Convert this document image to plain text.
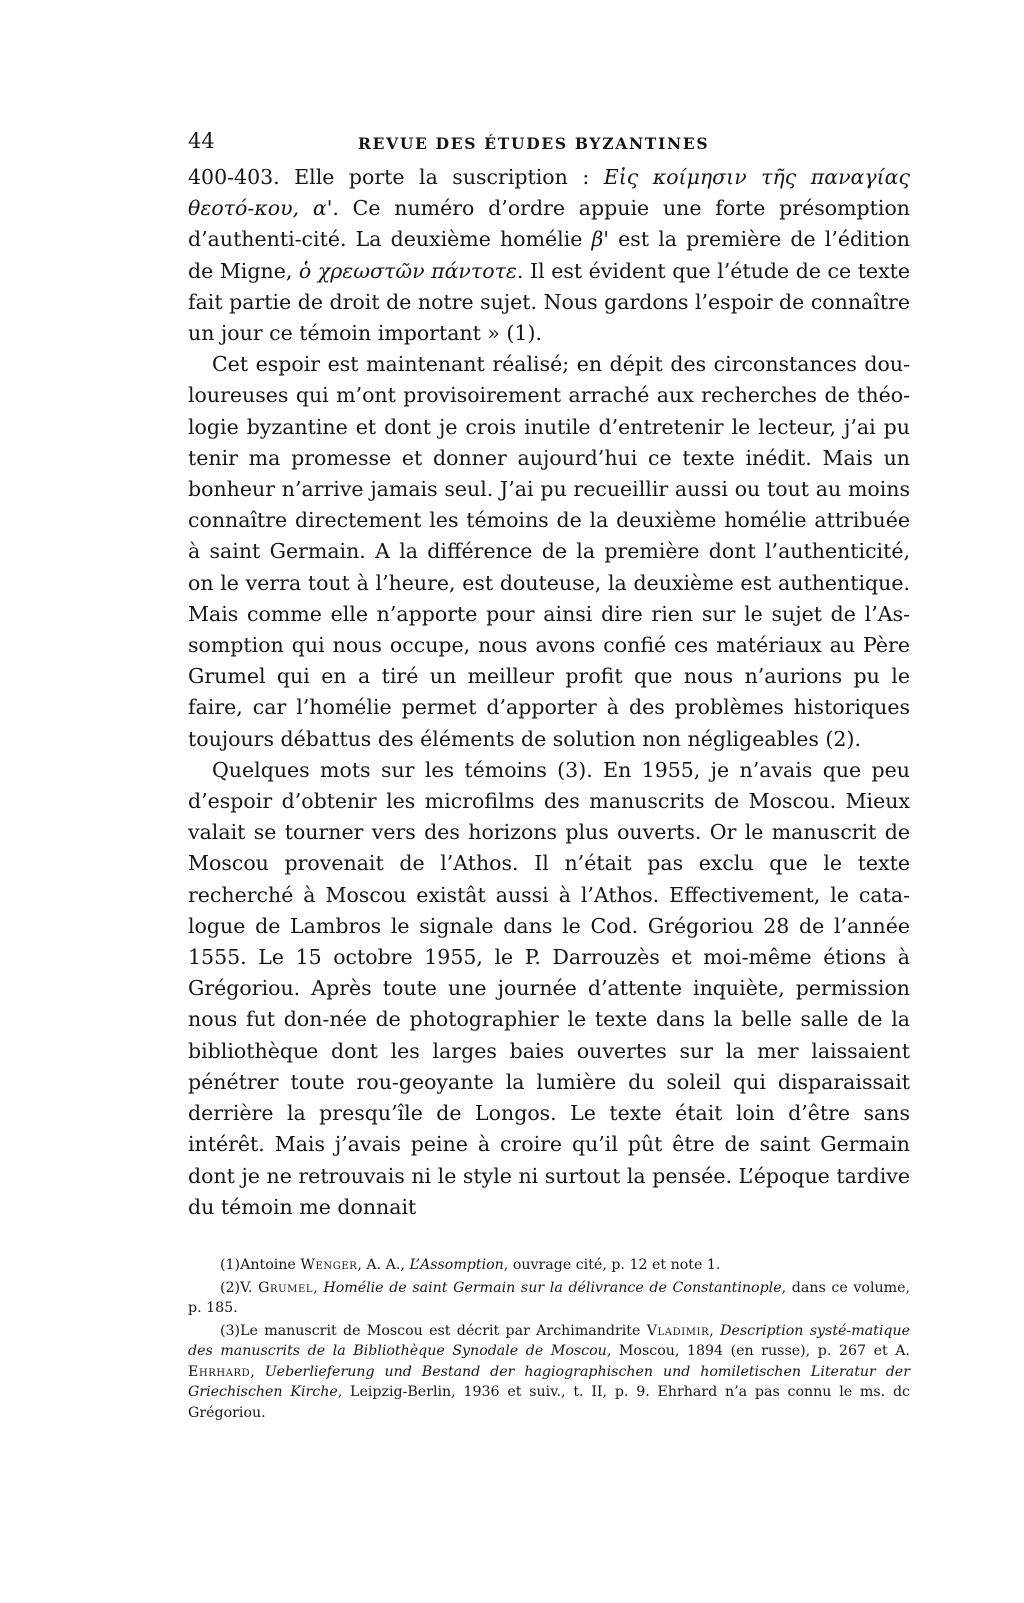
44	REVUE DES ÉTUDES BYZANTINES

400-403. Elle porte la suscription : Εἰς κοίμησιν τῆς παναγίας θεοτό-κου, α'. Ce numéro d’ordre appuie une forte présomption d’authenti-cité. La deuxième homélie β' est la première de l’édition de Migne, ὁ χρεωστῶν πάντοτε. Il est évident que l’étude de ce texte fait partie de droit de notre sujet. Nous gardons l’espoir de connaître un jour ce témoin important » (1).

Cet espoir est maintenant réalisé; en dépit des circonstances dou-loureuses qui m’ont provisoirement arraché aux recherches de théo-logie byzantine et dont je crois inutile d’entretenir le lecteur, j’ai pu tenir ma promesse et donner aujourd’hui ce texte inédit. Mais un bonheur n’arrive jamais seul. J’ai pu recueillir aussi ou tout au moins connaître directement les témoins de la deuxième homélie attribuée à saint Germain. A la différence de la première dont l’authenticité, on le verra tout à l’heure, est douteuse, la deuxième est authentique. Mais comme elle n’apporte pour ainsi dire rien sur le sujet de l’As-somption qui nous occupe, nous avons confié ces matériaux au Père Grumel qui en a tiré un meilleur profit que nous n’aurions pu le faire, car l’homélie permet d’apporter à des problèmes historiques toujours débattus des éléments de solution non négligeables (2).

Quelques mots sur les témoins (3). En 1955, je n’avais que peu d’espoir d’obtenir les microfilms des manuscrits de Moscou. Mieux valait se tourner vers des horizons plus ouverts. Or le manuscrit de Moscou provenait de l’Athos. Il n’était pas exclu que le texte recherché à Moscou existât aussi à l’Athos. Effectivement, le cata-logue de Lambros le signale dans le Cod. Grégoriou 28 de l’année 1555. Le 15 octobre 1955, le P. Darrouzès et moi-même étions à Grégoriou. Après toute une journée d’attente inquiète, permission nous fut don-née de photographier le texte dans la belle salle de la bibliothèque dont les larges baies ouvertes sur la mer laissaient pénétrer toute rou-geoyante la lumière du soleil qui disparaissait derrière la presqu’île de Longos. Le texte était loin d’être sans intérêt. Mais j’avais peine à croire qu’il pût être de saint Germain dont je ne retrouvais ni le style ni surtout la pensée. L’époque tardive du témoin me donnait

(1)Antoine Wenger, A. A., L’Assomption, ouvrage cité, p. 12 et note 1.

(2)V. Grumel, Homélie de saint Germain sur la délivrance de Constantinople, dans ce volume, p. 185.

(3)Le manuscrit de Moscou est décrit par Archimandrite Vladimir, Description systé-matique des manuscrits de la Bibliothèque Synodale de Moscou, Moscou, 1894 (en russe), p. 267 et A. Ehrhard, Ueberlieferung und Bestand der hagiographischen und homiletischen Literatur der Griechischen Kirche, Leipzig-Berlin, 1936 et suiv., t. II, p. 9. Ehrhard n’a pas connu le ms. dc Grégoriou.
